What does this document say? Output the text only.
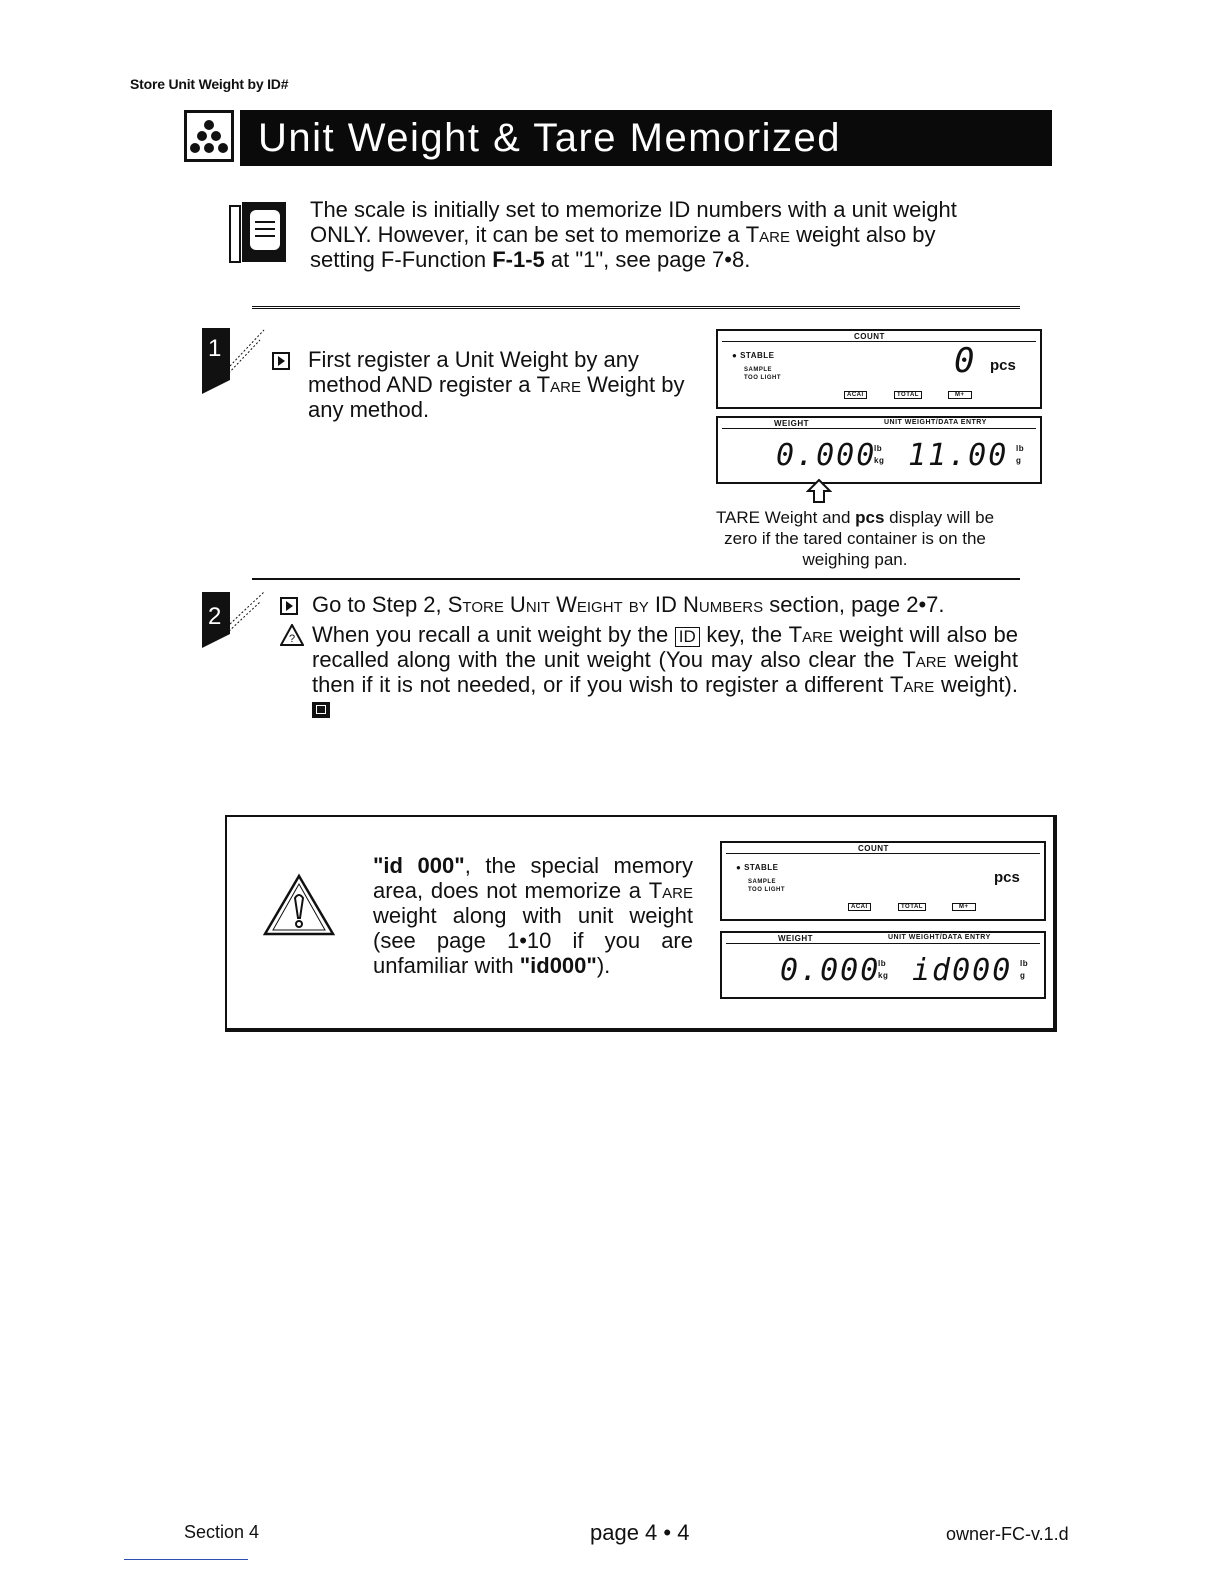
Store Unit Weight by ID#
Unit Weight & Tare Memorized
The scale is initially set to memorize ID numbers with a unit weight ONLY. However, it can be set to memorize a Tare weight also by setting F-Function F-1-5 at "1", see page 7•8.
1	First register a Unit Weight by any method AND register a Tare Weight by any method.
COUNT
● STABLE
SAMPLE
TOO LIGHT	0 pcs
ACAI	TOTAL	M+
WEIGHT	UNIT WEIGHT/DATA ENTRY
0.000
lb
kg 11.00 lb
g
TARE Weight and pcs display will be zero if the tared container is on the weighing pan.
2	Go to Step 2, Store Unit Weight by ID Numbers section, page 2•7.
? When you recall a unit weight by the ID key, the Tare weight will also be recalled along with the unit weight (You may also clear the Tare weight then if it is not needed, or if you wish to register a different Tare weight).
"id 000", the special memory area, does not memorize a Tare weight along with unit weight (see page 1•10 if you are unfamiliar with "id000").
COUNT
● STABLE
SAMPLE
TOO LIGHT
pcs
ACAI	TOTAL	M+
WEIGHT	UNIT WEIGHT/DATA ENTRY
0.000
lb
kg id000 lb
g
Section 4	page 4 • 4	owner-FC-v.1.d
